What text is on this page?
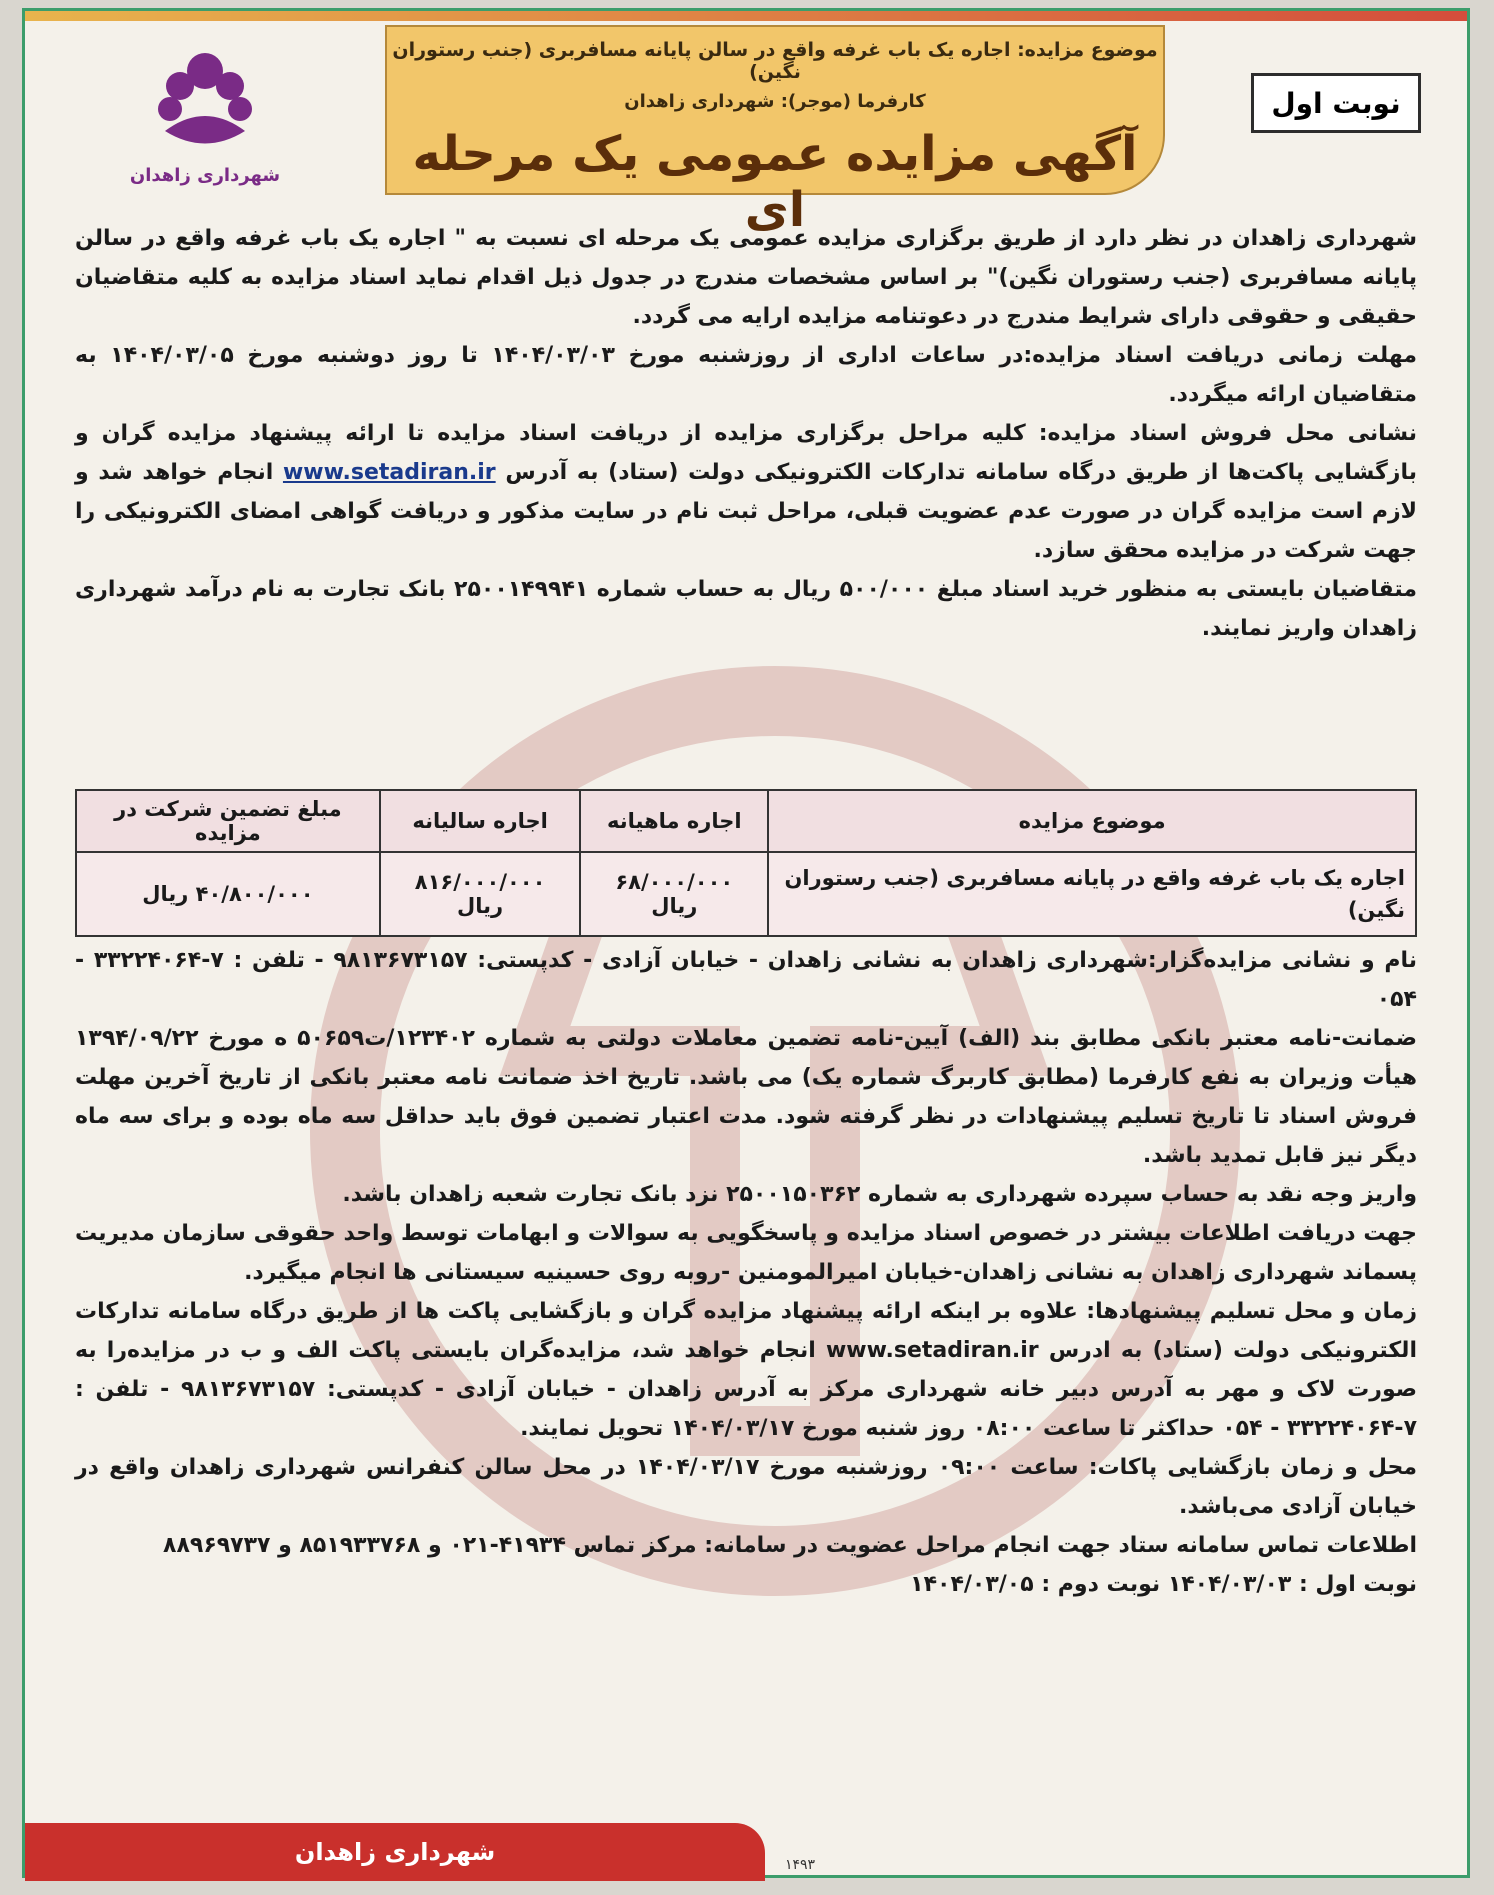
شهرداری زاهدان
موضوع مزایده: اجاره یک باب غرفه واقع در سالن پایانه مسافربری (جنب رستوران نگین)
کارفرما (موجر): شهرداری زاهدان
آگهی مزایده عمومی یک مرحله ای
نوبت اول

شهرداری زاهدان در نظر دارد از طریق برگزاری مزایده عمومی یک مرحله ای نسبت به " اجاره یک باب غرفه واقع در سالن پایانه مسافربری (جنب رستوران نگین)" بر اساس مشخصات مندرج در جدول ذیل اقدام نماید اسناد مزایده به کلیه متقاضیان حقیقی و حقوقی دارای شرایط مندرج در دعوتنامه مزایده ارایه می گردد.

مهلت زمانی دریافت اسناد مزایده:در ساعات اداری از روزشنبه مورخ ۱۴۰۴/۰۳/۰۳ تا روز دوشنبه مورخ ۱۴۰۴/۰۳/۰۵ به متقاضیان ارائه میگردد.

نشانی محل فروش اسناد مزایده: کلیه مراحل برگزاری مزایده از دریافت اسناد مزایده تا ارائه پیشنهاد مزایده گران و بازگشایی پاکت‌ها از طریق درگاه سامانه تدارکات الکترونیکی دولت (ستاد) به آدرس www.setadiran.ir انجام خواهد شد و لازم است مزایده گران در صورت عدم عضویت قبلی، مراحل ثبت نام در سایت مذکور و دریافت گواهی امضای الکترونیکی را جهت شرکت در مزایده محقق سازد.

متقاضیان بایستی به منظور خرید اسناد مبلغ ۵۰۰/۰۰۰ ریال به حساب شماره ۲۵۰۰۱۴۹۹۴۱ بانک تجارت به نام درآمد شهرداری زاهدان واریز نمایند.

موضوع مزایده	اجاره ماهیانه	اجاره سالیانه	مبلغ تضمین شرکت در مزایده
اجاره یک باب غرفه واقع در پایانه مسافربری (جنب رستوران نگین)	۶۸/۰۰۰/۰۰۰ ریال	۸۱۶/۰۰۰/۰۰۰ ریال	۴۰/۸۰۰/۰۰۰ ریال

نام و نشانی مزایده‌گزار:شهرداری زاهدان به نشانی زاهدان - خیابان آزادی - کدپستی: ۹۸۱۳۶۷۳۱۵۷ - تلفن : ۷-۳۳۲۲۴۰۶۴ - ۰۵۴

ضمانت-نامه معتبر بانکی مطابق بند (الف) آیین-نامه تضمین معاملات دولتی به شماره ۱۲۳۴۰۲/ت۵۰۶۵۹ ه مورخ ۱۳۹۴/۰۹/۲۲ هیأت وزیران به نفع کارفرما (مطابق کاربرگ شماره یک) می باشد. تاریخ اخذ ضمانت نامه معتبر بانکی از تاریخ آخرین مهلت فروش اسناد تا تاریخ تسلیم پیشنهادات در نظر گرفته شود. مدت اعتبار تضمین فوق باید حداقل سه ماه بوده و برای سه ماه دیگر نیز قابل تمدید باشد.

واریز وجه نقد به حساب سپرده شهرداری به شماره ۲۵۰۰۱۵۰۳۶۲ نزد بانک تجارت شعبه زاهدان باشد.

جهت دریافت اطلاعات بیشتر در خصوص اسناد مزایده و پاسخگویی به سوالات و ابهامات توسط واحد حقوقی سازمان مدیریت پسماند شهرداری زاهدان به نشانی زاهدان-خیابان امیرالمومنین -روبه روی حسینیه سیستانی ها انجام میگیرد.

زمان و محل تسلیم پیشنهادها: علاوه بر اینکه ارائه پیشنهاد مزایده گران و بازگشایی پاکت ها از طریق درگاه سامانه تدارکات الکترونیکی دولت (ستاد) به ادرس www.setadiran.ir انجام خواهد شد، مزایده‌گران بایستی پاکت الف و ب در مزایده‌را به صورت لاک و مهر به آدرس دبیر خانه شهرداری مرکز به آدرس زاهدان - خیابان آزادی - کدپستی: ۹۸۱۳۶۷۳۱۵۷ - تلفن : ۷-۳۳۲۲۴۰۶۴ - ۰۵۴ حداکثر تا ساعت ۰۸:۰۰ روز شنبه مورخ ۱۴۰۴/۰۳/۱۷ تحویل نمایند.

محل و زمان بازگشایی پاکات: ساعت ۰۹:۰۰ روزشنبه مورخ ۱۴۰۴/۰۳/۱۷ در محل سالن کنفرانس شهرداری زاهدان واقع در خیابان آزادی می‌باشد.

اطلاعات تماس سامانه ستاد جهت انجام مراحل عضویت در سامانه: مرکز تماس ۴۱۹۳۴-۰۲۱ و ۸۵۱۹۳۳۷۶۸ و ۸۸۹۶۹۷۳۷

نوبت اول : ۱۴۰۴/۰۳/۰۳ نوبت دوم : ۱۴۰۴/۰۳/۰۵

شهرداری زاهدان	۱۴۹۳
